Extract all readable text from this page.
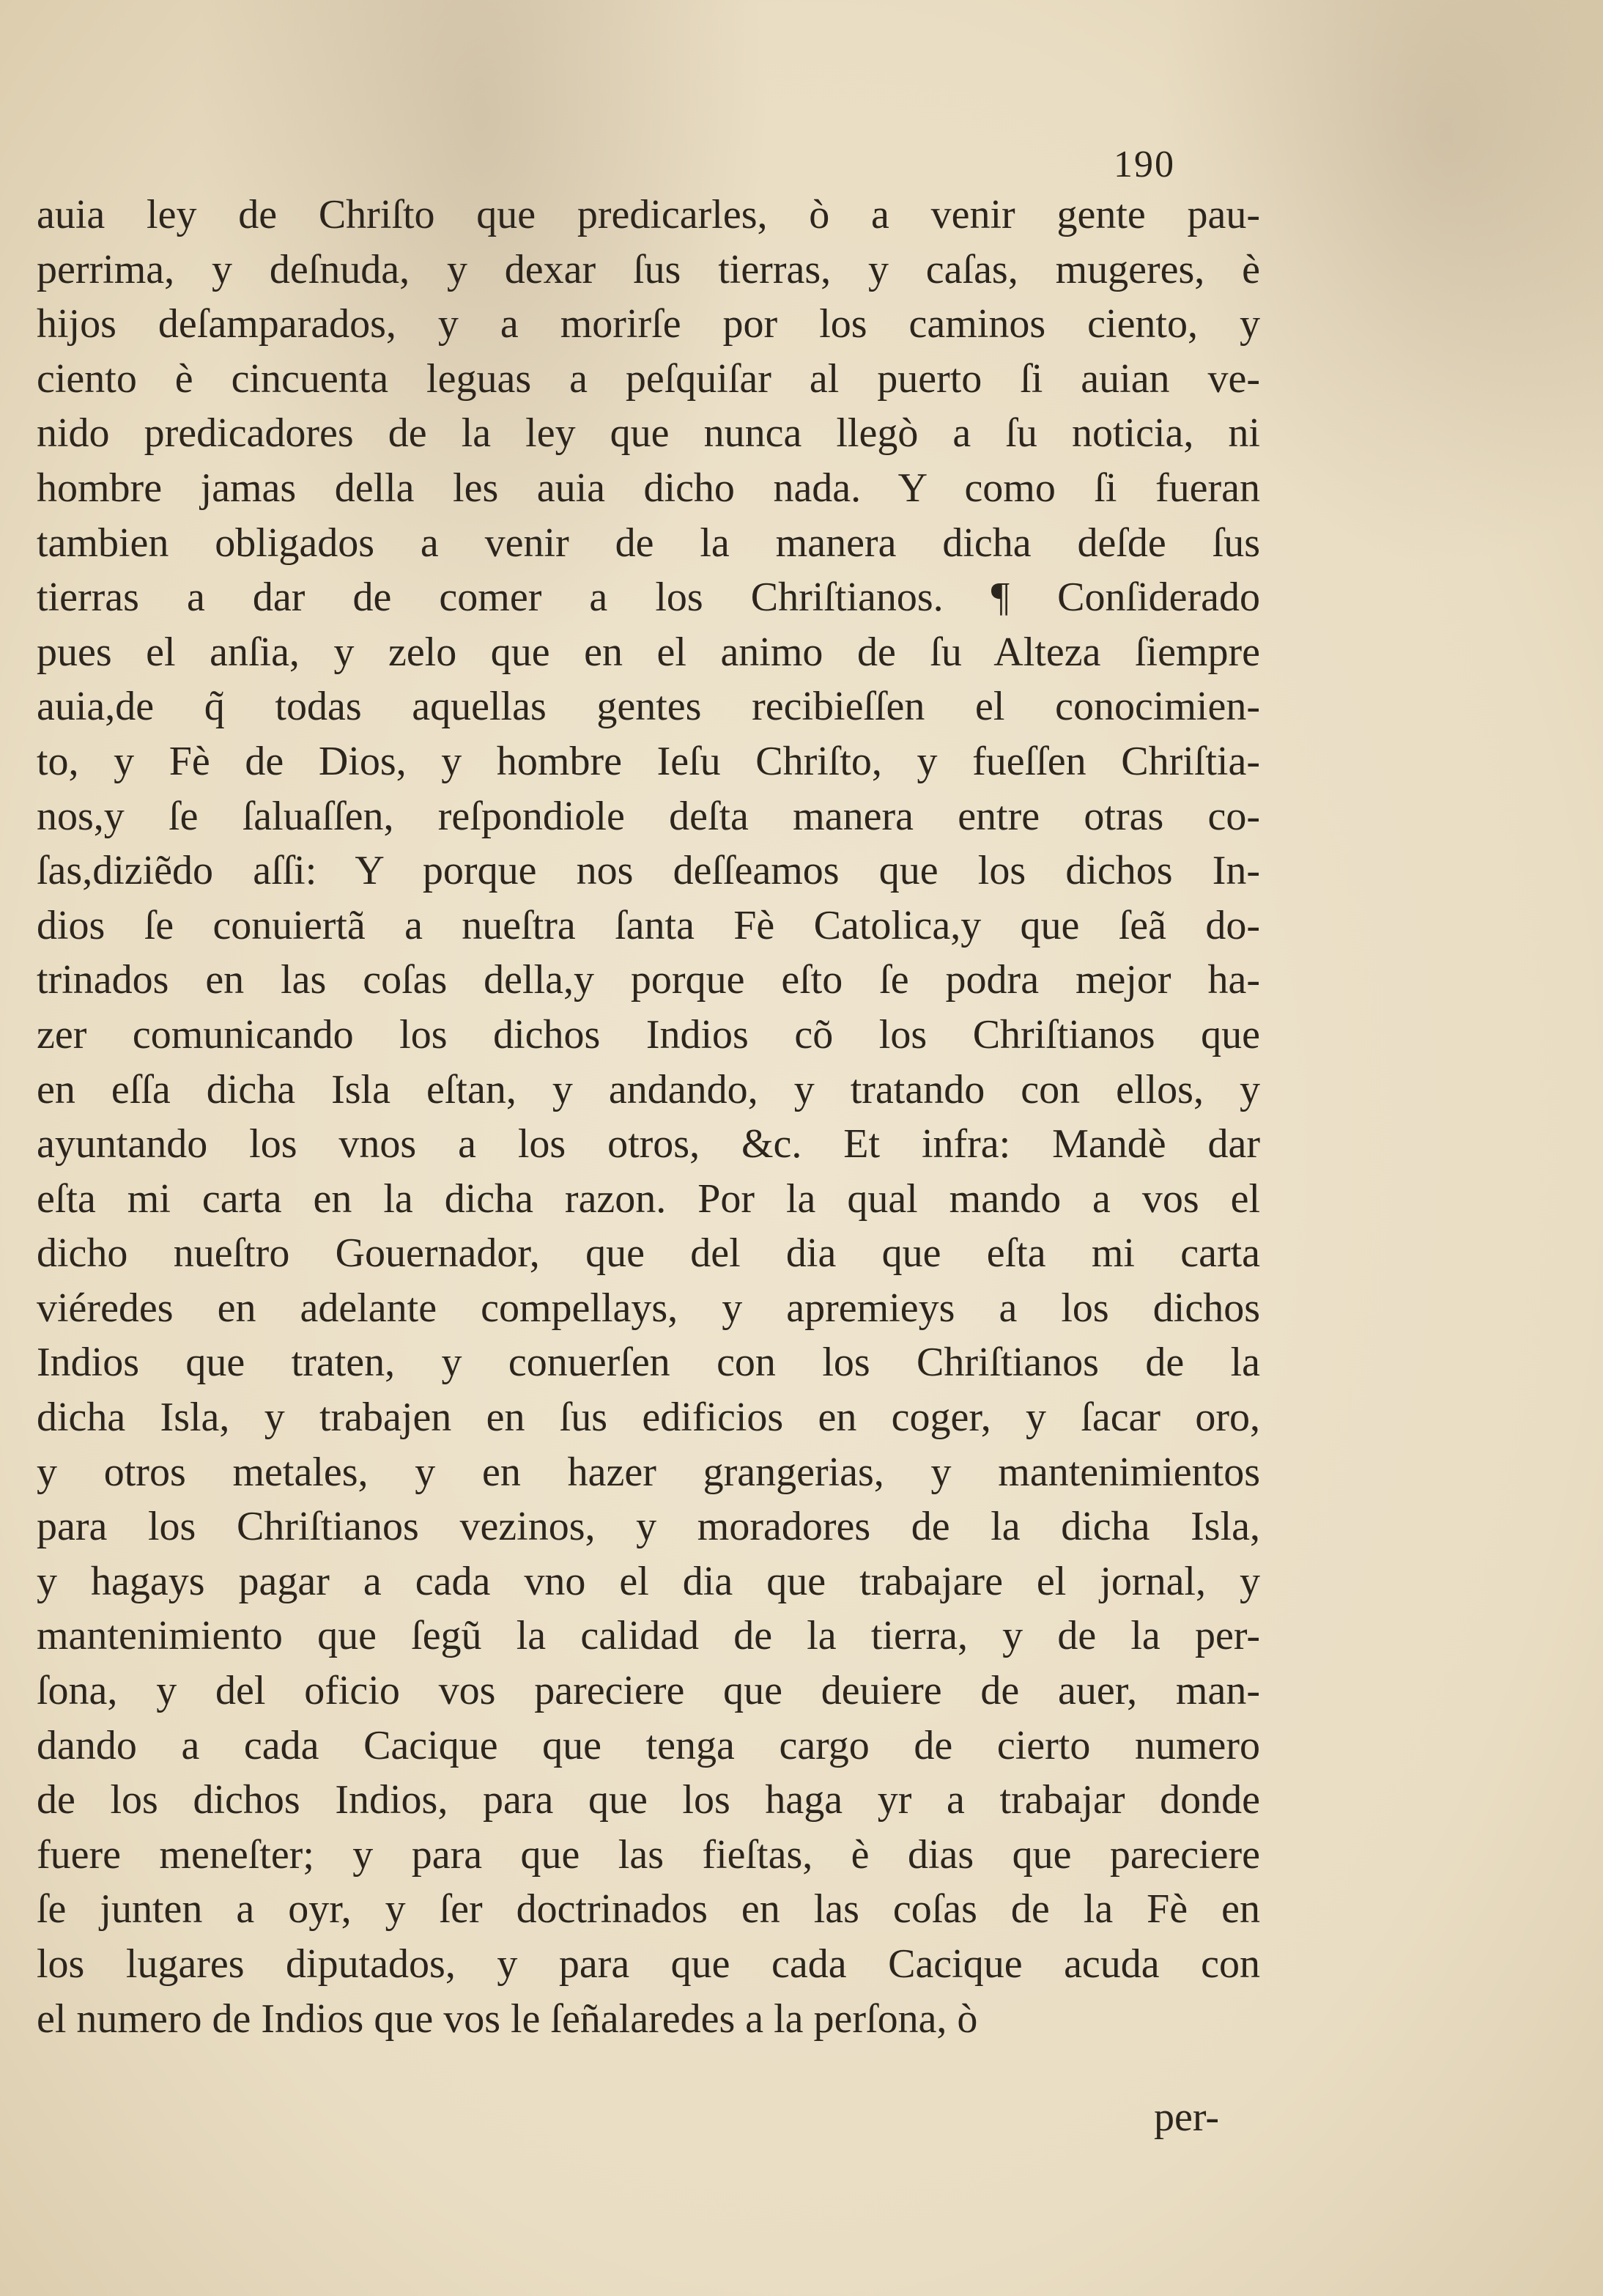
190
auia ley de Chriſto que predicarles, ò a venir gente pau-
perrima, y deſnuda, y dexar ſus tierras, y caſas, mugeres, è
hijos deſamparados, y a morirſe por los caminos ciento, y
ciento è cincuenta leguas a peſquiſar al puerto ſi auian ve-
nido predicadores de la ley que nunca llegò a ſu noticia, ni
hombre jamas della les auia dicho nada. Y como ſi fueran
tambien obligados a venir de la manera dicha deſde ſus
tierras a dar de comer a los Chriſtianos. ¶ Conſiderado
pues el anſia, y zelo que en el animo de ſu Alteza ſiempre
auia,de q̃ todas aquellas gentes recibieſſen el conocimien-
to, y Fè de Dios, y hombre Ieſu Chriſto, y fueſſen Chriſtia-
nos,y ſe ſaluaſſen, reſpondiole deſta manera entre otras co-
ſas,diziẽdo aſſi: Y porque nos deſſeamos que los dichos In-
dios ſe conuiertã a nueſtra ſanta Fè Catolica,y que ſeã do-
trinados en las coſas della,y porque eſto ſe podra mejor ha-
zer comunicando los dichos Indios cõ los Chriſtianos que
en eſſa dicha Isla eſtan, y andando, y tratando con ellos, y
ayuntando los vnos a los otros, &c. Et infra: Mandè dar
eſta mi carta en la dicha razon. Por la qual mando a vos el
dicho nueſtro Gouernador, que del dia que eſta mi carta
viéredes en adelante compellays, y apremieys a los dichos
Indios que traten, y conuerſen con los Chriſtianos de la
dicha Isla, y trabajen en ſus edificios en coger, y ſacar oro,
y otros metales, y en hazer grangerias, y mantenimientos
para los Chriſtianos vezinos, y moradores de la dicha Isla,
y hagays pagar a cada vno el dia que trabajare el jornal, y
mantenimiento que ſegũ la calidad de la tierra, y de la per-
ſona, y del oficio vos pareciere que deuiere de auer, man-
dando a cada Cacique que tenga cargo de cierto numero
de los dichos Indios, para que los haga yr a trabajar donde
fuere meneſter; y para que las fieſtas, è dias que pareciere
ſe junten a oyr, y ſer doctrinados en las coſas de la Fè en
los lugares diputados, y para que cada Cacique acuda con
el numero de Indios que vos le ſeñalaredes a la perſona, ò
per-
